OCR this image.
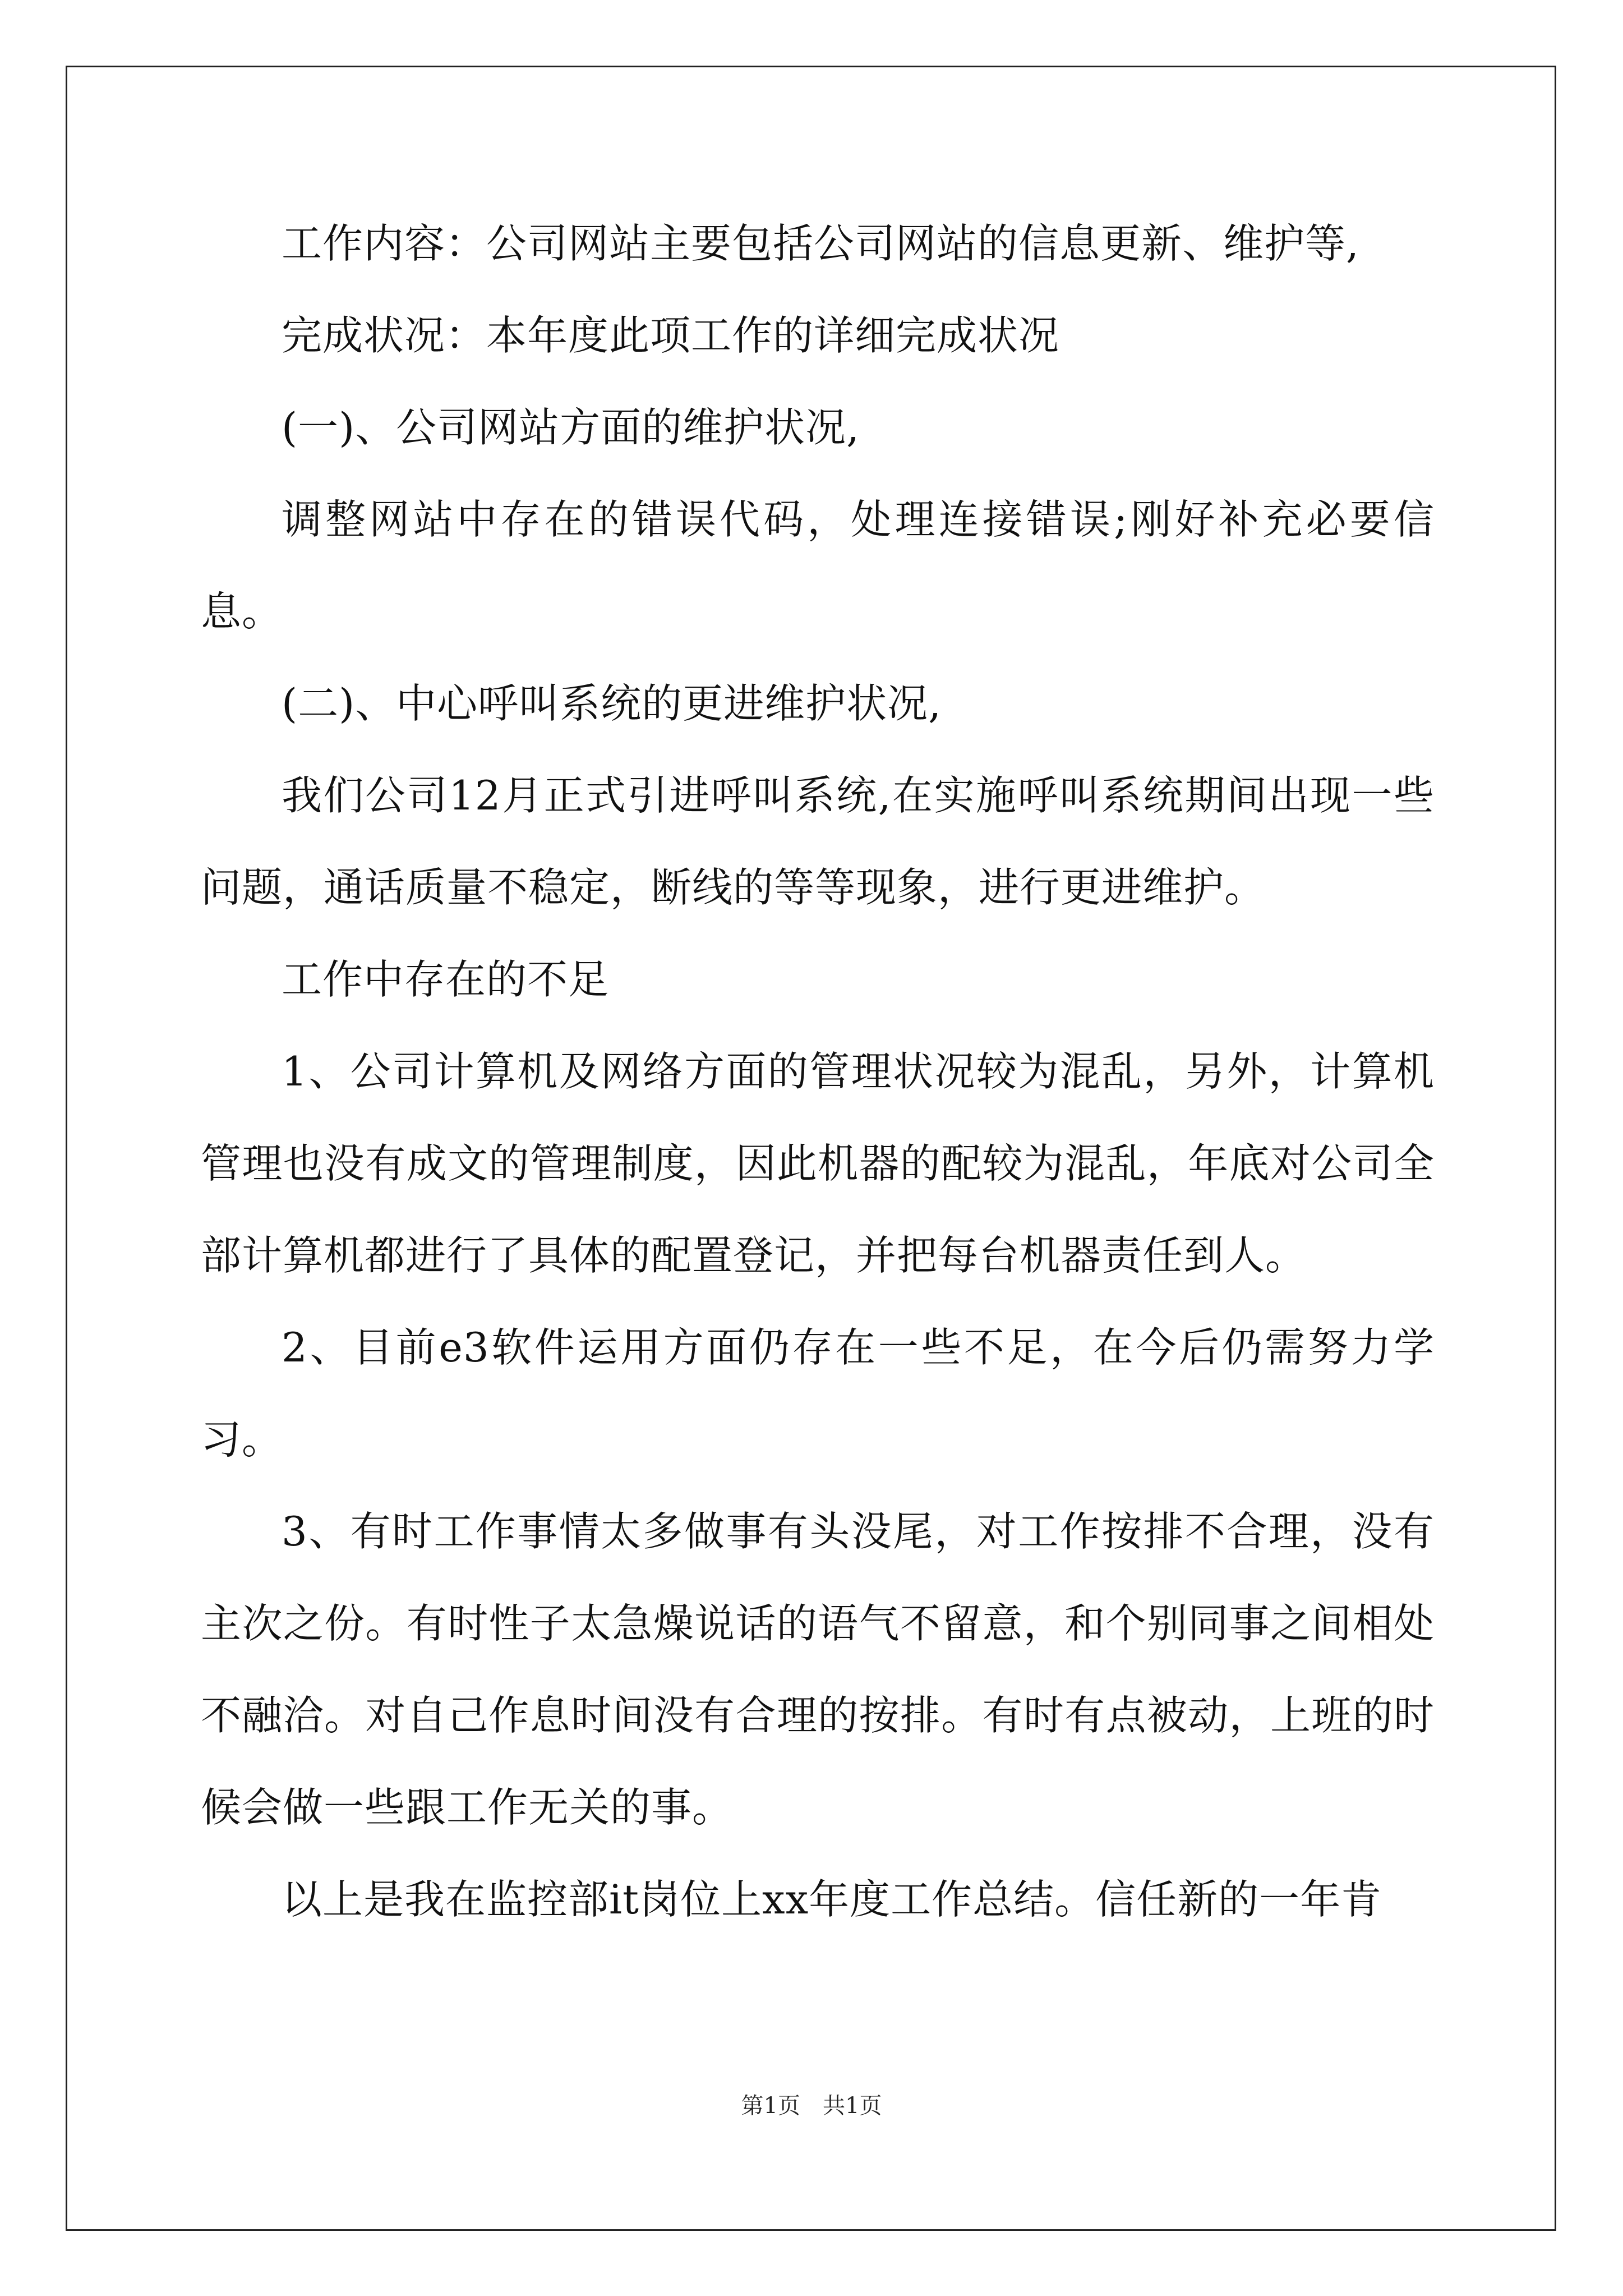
工作内容：公司网站主要包括公司网站的信息更新、维护等,

完成状况：本年度此项工作的详细完成状况

(一)、公司网站方面的维护状况,

调整网站中存在的错误代码，处理连接错误;刚好补充必要信息。

(二)、中心呼叫系统的更进维护状况,

我们公司12月正式引进呼叫系统,在实施呼叫系统期间出现一些问题，通话质量不稳定，断线的等等现象，进行更进维护。

工作中存在的不足

1、公司计算机及网络方面的管理状况较为混乱，另外，计算机管理也没有成文的管理制度，因此机器的配较为混乱，年底对公司全部计算机都进行了具体的配置登记，并把每台机器责任到人。

2、目前e3软件运用方面仍存在一些不足，在今后仍需努力学习。

3、有时工作事情太多做事有头没尾，对工作按排不合理，没有主次之份。有时性子太急燥说话的语气不留意，和个别同事之间相处不融洽。对自己作息时间没有合理的按排。有时有点被动，上班的时候会做一些跟工作无关的事。

以上是我在监控部it岗位上xx年度工作总结。信任新的一年肯

第1页　共1页
